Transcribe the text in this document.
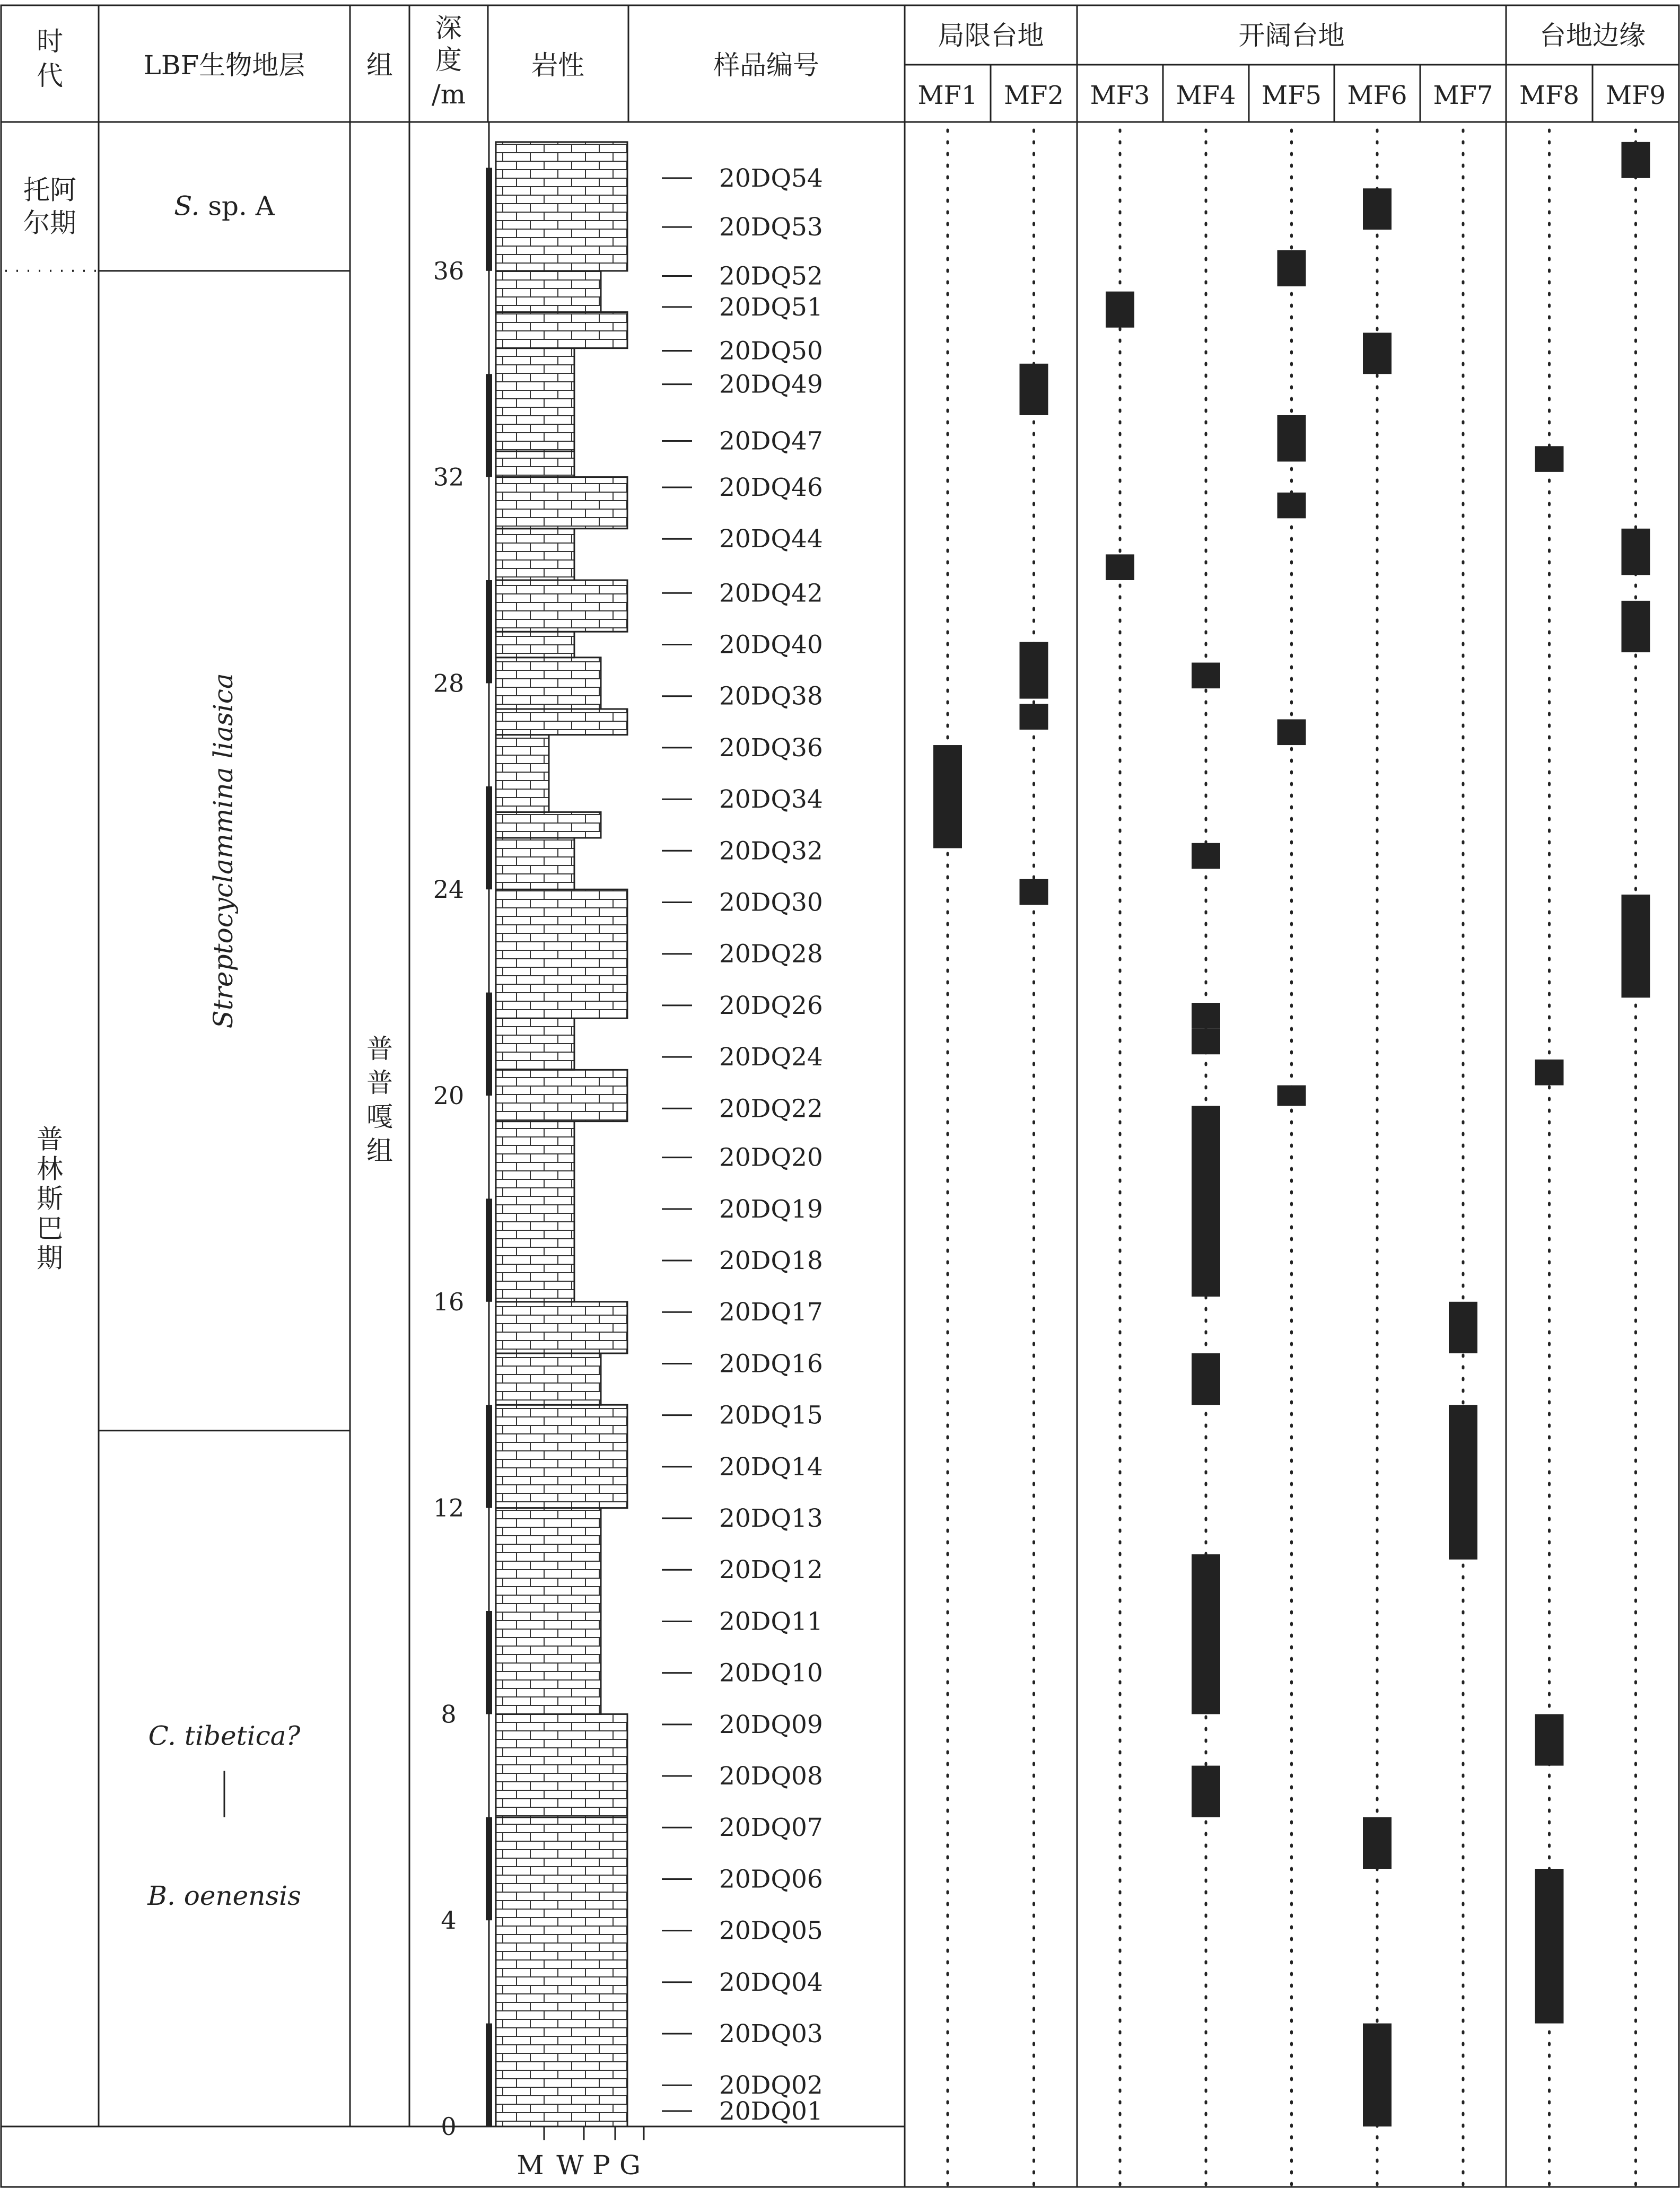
时
代	LBF生物地层 组
深
度
/m
岩性	样品编号
局限台地
MF1 MF2
开阔台地
MF3 MF4 MF5 MF6 MF7
台地边缘
MF8 MF9
托阿
尔期
普
林
斯
巴
期
S. sp. A
Streptocyclammina liasica
C. tibetica?
B. oenensis
普
普
嘎
组
0
4
8
12
16
20
24
28
32
36
M W P G
20DQ54
20DQ53
20DQ52
20DQ51
20DQ50
20DQ49
20DQ47
20DQ46
20DQ44
20DQ42
20DQ40
20DQ38
20DQ36
20DQ34
20DQ32
20DQ30
20DQ28
20DQ26
20DQ24
20DQ22
20DQ20
20DQ19
20DQ18
20DQ17
20DQ16
20DQ15
20DQ14
20DQ13
20DQ12
20DQ11
20DQ10
20DQ09
20DQ08
20DQ07
20DQ06
20DQ05
20DQ04
20DQ03
20DQ02
20DQ01
